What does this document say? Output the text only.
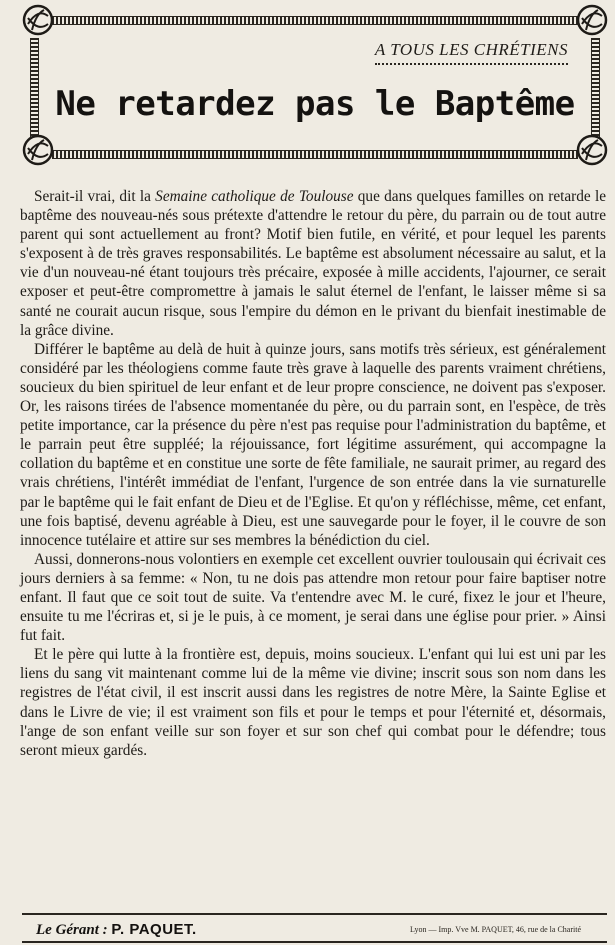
A TOUS LES CHRÉTIENS
Ne retardez pas le Baptême

Serait-il vrai, dit la Semaine catholique de Toulouse que dans quelques familles on retarde le baptême des nouveau-nés sous prétexte d'attendre le retour du père, du parrain ou de tout autre parent qui sont actuellement au front? Motif bien futile, en vérité, et pour lequel les parents s'exposent à de très graves responsabilités. Le baptême est absolument nécessaire au salut, et la vie d'un nouveau-né étant toujours très précaire, exposée à mille accidents, l'ajourner, ce serait exposer et peut-être compromettre à jamais le salut éternel de l'enfant, le laisser même si sa santé ne courait aucun risque, sous l'empire du démon en le privant du bienfait inestimable de la grâce divine.

Différer le baptême au delà de huit à quinze jours, sans motifs très sérieux, est généralement considéré par les théologiens comme faute très grave à laquelle des parents vraiment chrétiens, soucieux du bien spirituel de leur enfant et de leur propre conscience, ne doivent pas s'exposer. Or, les raisons tirées de l'absence momentanée du père, ou du parrain sont, en l'espèce, de très petite importance, car la présence du père n'est pas requise pour l'administration du baptême, et le parrain peut être suppléé; la réjouissance, fort légitime assurément, qui accompagne la collation du baptême et en constitue une sorte de fête familiale, ne saurait primer, au regard des vrais chrétiens, l'intérêt immédiat de l'enfant, l'urgence de son entrée dans la vie surnaturelle par le baptême qui le fait enfant de Dieu et de l'Eglise. Et qu'on y réfléchisse, même, cet enfant, une fois baptisé, devenu agréable à Dieu, est une sauvegarde pour le foyer, il le couvre de son innocence tutélaire et attire sur ses membres la bénédiction du ciel.

Aussi, donnerons-nous volontiers en exemple cet excellent ouvrier toulousain qui écrivait ces jours derniers à sa femme: « Non, tu ne dois pas attendre mon retour pour faire baptiser notre enfant. Il faut que ce soit tout de suite. Va t'entendre avec M. le curé, fixez le jour et l'heure, ensuite tu me l'écriras et, si je le puis, à ce moment, je serai dans une église pour prier. » Ainsi fut fait.

Et le père qui lutte à la frontière est, depuis, moins soucieux. L'enfant qui lui est uni par les liens du sang vit maintenant comme lui de la même vie divine; inscrit sous son nom dans les registres de l'état civil, il est inscrit aussi dans les registres de notre Mère, la Sainte Eglise et dans le Livre de vie; il est vraiment son fils et pour le temps et pour l'éternité et, désormais, l'ange de son enfant veille sur son foyer et sur son chef qui combat pour le défendre; tous seront mieux gardés.

Le Gérant : P. PAQUET.	Lyon — Imp. Vve M. PAQUET, 46, rue de la Charité
